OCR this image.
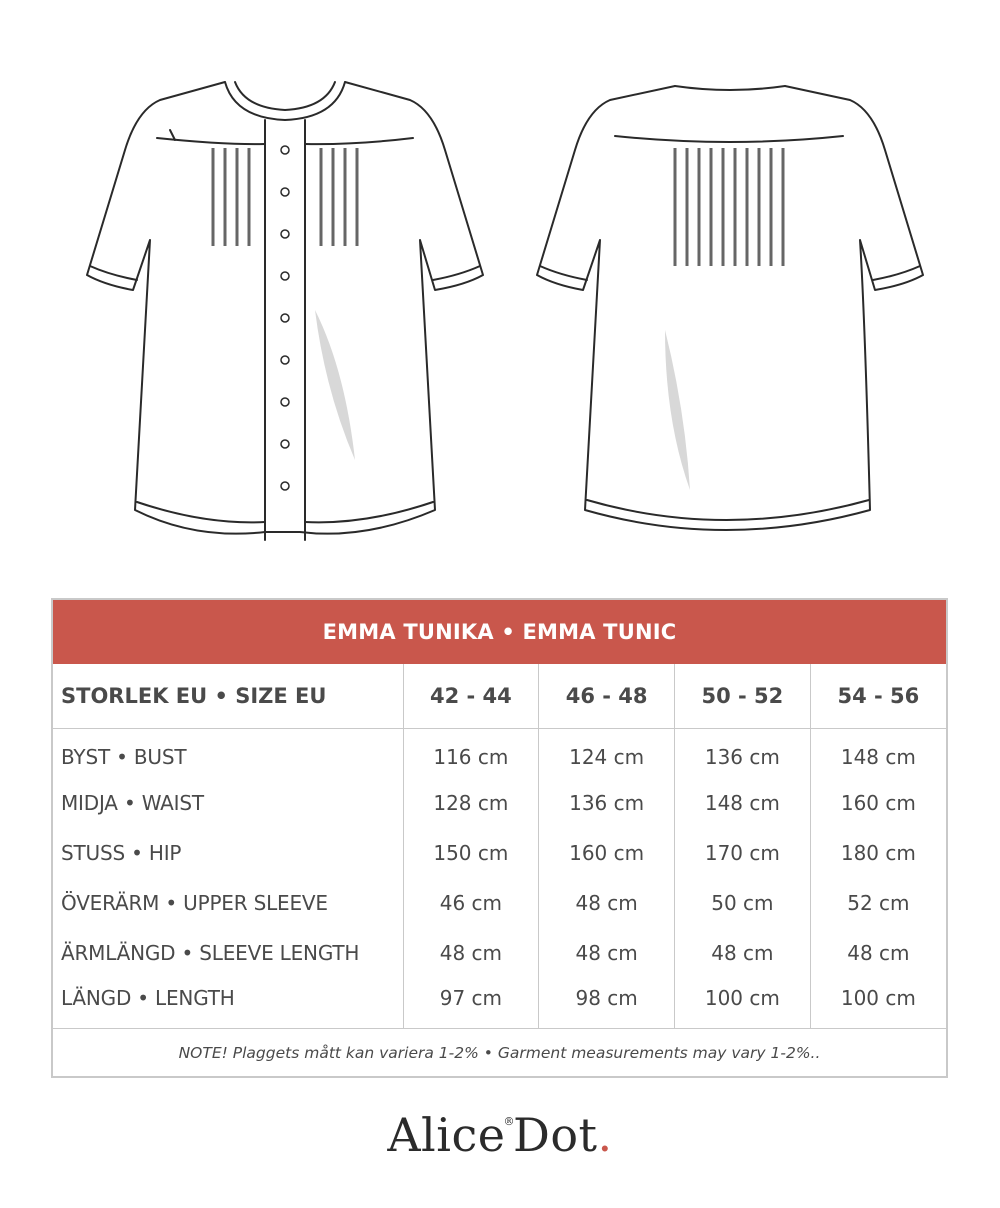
EMMA TUNIKA • EMMA TUNIC
STORLEK EU • SIZE EU	42 - 44	46 - 48	50 - 52	54 - 56
BYST • BUST	116 cm	124 cm	136 cm	148 cm
MIDJA • WAIST	128 cm	136 cm	148 cm	160 cm
STUSS • HIP	150 cm	160 cm	170 cm	180 cm
ÖVERÄRM • UPPER SLEEVE	46 cm	48 cm	50 cm	52 cm
ÄRMLÄNGD • SLEEVE LENGTH	48 cm	48 cm	48 cm	48 cm
LÄNGD • LENGTH	97 cm	98 cm	100 cm	100 cm
NOTE! Plaggets mått kan variera 1-2% • Garment measurements may vary 1-2%..
Alice®Dot.
